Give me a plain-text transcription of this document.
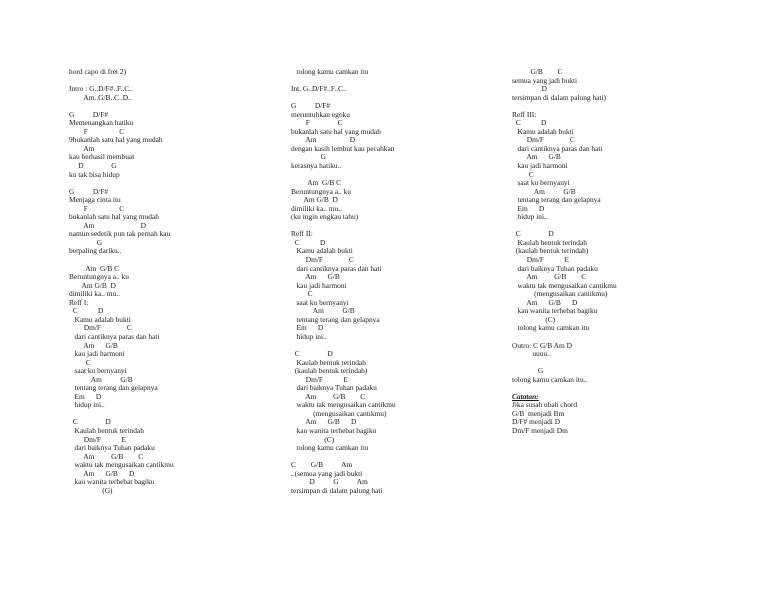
hord capo di fret 2)
Intro : G..D/F#..F..C..
Am..G/B..C..D..
G          D/F#
Memenangkan hatiku
F                 C
9bukanlah satu hal yang mudah
Am
kau berhasil membuat
D               G
ku tak bisa hidup
G          D/F#
Menjaga cinta itu
F                 C
bukanlah satu hal yang mudah
Am                         D
namun sedetik pun tak pernah kau
G
berpaling dariku..
Am  G/B C
Beruntungnya a.. ku
Am G/B  D
dimiliki ka.. mu..
Reff I:
C           D
Kamu adalah bukti
Dm/F              C
dari cantiknya paras dan hati
Am      G/B
kau jadi harmoni
C
saat ku bernyanyi
Am          G/B
tentang terang dan gelapnya
Em      D
hidup ini..
C               D
Kaulah bentuk terindah
Dm/F           E
dari baiknya Tuhan padaku
Am         G/B        C
waktu tak mengusaikan cantikmu
Am      G/B      D
kau wanita terhebat bagiku
(G)
tolong kamu camkan itu
Int. G..D/F#..F..C..
G          D/F#
meruntuhkan egoku
F               C
bukanlah satu hal yang mudah
Am                  D
dengan kasih lembut kau pecahkan
G
kerasnya hatiku..
Am  G/B C
Beruntungnya a.. ku
Am G/B  D
dimiliki ka.. mu..
(ku ingin engkau tahu)
Reff II:
C           D
Kamu adalah bukti
Dm/F              C
dari cantiknya paras dan hati
Am      G/B
kau jadi harmoni
C
saat ku bernyanyi
Am          G/B
tentang terang dan gelapnya
Em      D
hidup ini..
C               D
Kaulah bentuk terindah
(kaulah bentuk terindah)
Dm/F           E
dari baiknya Tuhan padaku
Am         G/B        C
waktu tak mengusaikan cantikmu
(mengusaikan cantikmu)
Am      G/B      D
kau wanita terhebat bagiku
(C)
tolong kamu camkan itu
C        G/B          Am
..(semua yang jadi bukti
D          G          Am
tersimpan di dalam palung hati
G/B        C
semua yang jadi bukti
D
tersimpan di dalam palung hati)
Reff III:
C           D
Kamu adalah bukti
Dm/F              C
dari cantiknya paras dan hati
Am      G/B
kau jadi harmoni
C
saat ku bernyanyi
Am          G/B
tentang terang dan gelapnya
Em      D
hidup ini..
C               D
Kaulah bentuk terindah
(kaulah bentuk terindah)
Dm/F           E
dari baiknya Tuhan padaku
Am         G/B        C
waktu tak mengusaikan cantikmu
(mengusaikan cantikmu)
Am      G/B      D
kau wanita terhebat bagiku
(C)
tolong kamu camkan itu
Outro: C G/B Am D
uuuu..
G
tolong kamu camkan itu..
Catatan:
Jika susah ubah chord
G/B  menjadi Bm
D/F# menjadi D
Dm/F menjadi Dm
